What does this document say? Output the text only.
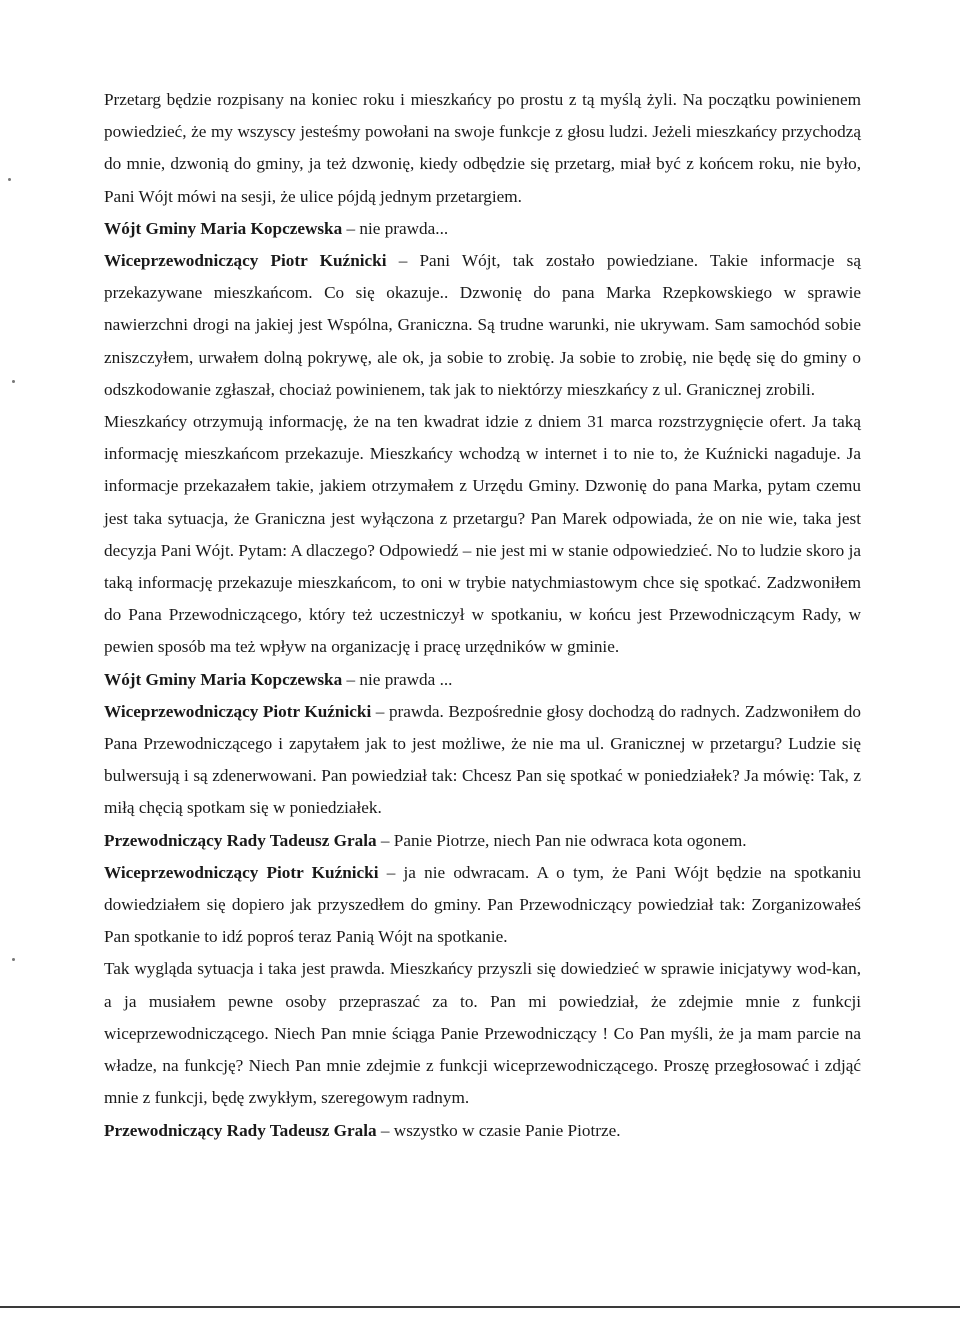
Przetarg będzie rozpisany na koniec roku i mieszkańcy po prostu z tą myślą żyli. Na początku powinienem powiedzieć, że my wszyscy jesteśmy powołani na swoje funkcje z głosu ludzi. Jeżeli mieszkańcy przychodzą do mnie, dzwonią do gminy, ja też dzwonię, kiedy odbędzie się przetarg, miał być z końcem roku, nie było, Pani Wójt mówi na sesji, że ulice pójdą jednym przetargiem.

Wójt Gminy Maria Kopczewska – nie prawda...

Wiceprzewodniczący Piotr Kuźnicki – Pani Wójt, tak zostało powiedziane. Takie informacje są przekazywane mieszkańcom. Co się okazuje.. Dzwonię do pana Marka Rzepkowskiego w sprawie nawierzchni drogi na jakiej jest Wspólna, Graniczna. Są trudne warunki, nie ukrywam. Sam samochód sobie zniszczyłem, urwałem dolną pokrywę, ale ok, ja sobie to zrobię. Ja sobie to zrobię, nie będę się do gminy o odszkodowanie zgłaszał, chociaż powinienem, tak jak to niektórzy mieszkańcy z ul. Granicznej zrobili.

Mieszkańcy otrzymują informację, że na ten kwadrat idzie z dniem 31 marca rozstrzygnięcie ofert. Ja taką informację mieszkańcom przekazuje. Mieszkańcy wchodzą w internet i to nie to, że Kuźnicki nagaduje. Ja informacje przekazałem takie, jakiem otrzymałem z Urzędu Gminy. Dzwonię do pana Marka, pytam czemu jest taka sytuacja, że Graniczna jest wyłączona z przetargu? Pan Marek odpowiada, że on nie wie, taka jest decyzja Pani Wójt. Pytam: A dlaczego? Odpowiedź – nie jest mi w stanie odpowiedzieć. No to ludzie skoro ja taką informację przekazuje mieszkańcom, to oni w trybie natychmiastowym chce się spotkać. Zadzwoniłem do Pana Przewodniczącego, który też uczestniczył w spotkaniu, w końcu jest Przewodniczącym Rady, w pewien sposób ma też wpływ na organizację i pracę urzędników w gminie.

Wójt Gminy Maria Kopczewska – nie prawda ...

Wiceprzewodniczący Piotr Kuźnicki – prawda. Bezpośrednie głosy dochodzą do radnych. Zadzwoniłem do Pana Przewodniczącego i zapytałem jak to jest możliwe, że nie ma ul. Granicznej w przetargu? Ludzie się bulwersują i są zdenerwowani. Pan powiedział tak: Chcesz Pan się spotkać w poniedziałek? Ja mówię: Tak, z miłą chęcią spotkam się w poniedziałek.

Przewodniczący Rady Tadeusz Grala – Panie Piotrze, niech Pan nie odwraca kota ogonem.

Wiceprzewodniczący Piotr Kuźnicki – ja nie odwracam. A o tym, że Pani Wójt będzie na spotkaniu dowiedziałem się dopiero jak przyszedłem do gminy. Pan Przewodniczący powiedział tak: Zorganizowałeś Pan spotkanie to idź poproś teraz Panią Wójt na spotkanie.

Tak wygląda sytuacja i taka jest prawda. Mieszkańcy przyszli się dowiedzieć w sprawie inicjatywy wod-kan, a ja musiałem pewne osoby przepraszać za to. Pan mi powiedział, że zdejmie mnie z funkcji wiceprzewodniczącego. Niech Pan mnie ściąga Panie Przewodniczący ! Co Pan myśli, że ja mam parcie na władze, na funkcję? Niech Pan mnie zdejmie z funkcji wiceprzewodniczącego. Proszę przegłosować i zdjąć mnie z funkcji, będę zwykłym, szeregowym radnym.

Przewodniczący Rady Tadeusz Grala – wszystko w czasie Panie Piotrze.
